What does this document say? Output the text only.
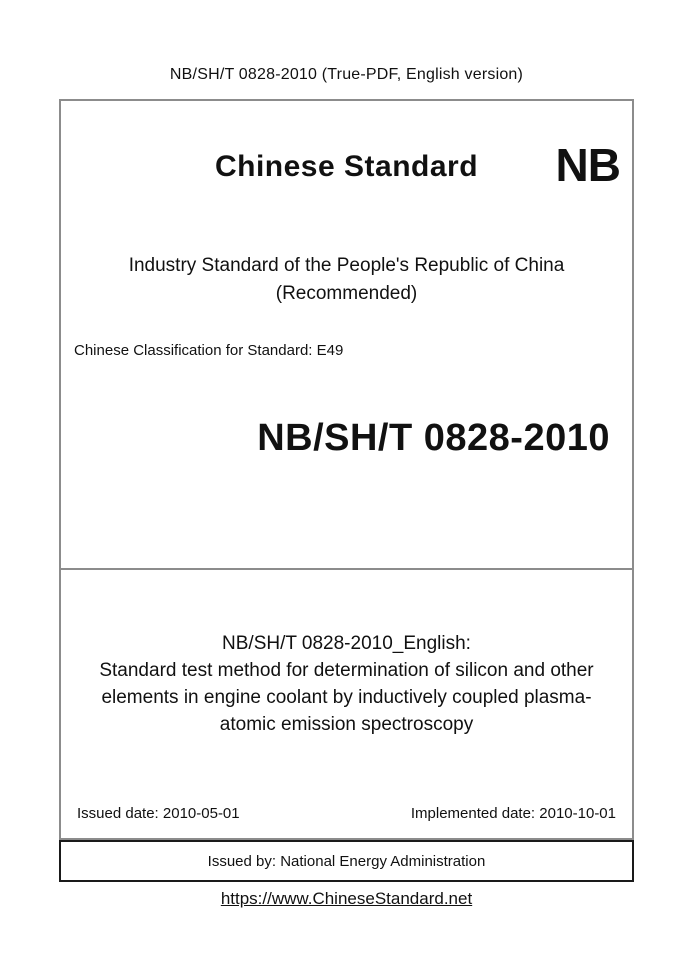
NB/SH/T 0828-2010 (True-PDF, English version)
Chinese Standard NB
Industry Standard of the People's Republic of China
(Recommended)
Chinese Classification for Standard: E49
NB/SH/T 0828-2010
NB/SH/T 0828-2010_English:
Standard test method for determination of silicon and other
elements in engine coolant by inductively coupled plasma-
atomic emission spectroscopy
Issued date: 2010-05-01	Implemented date: 2010-10-01
Issued by: National Energy Administration
https://www.ChineseStandard.net
